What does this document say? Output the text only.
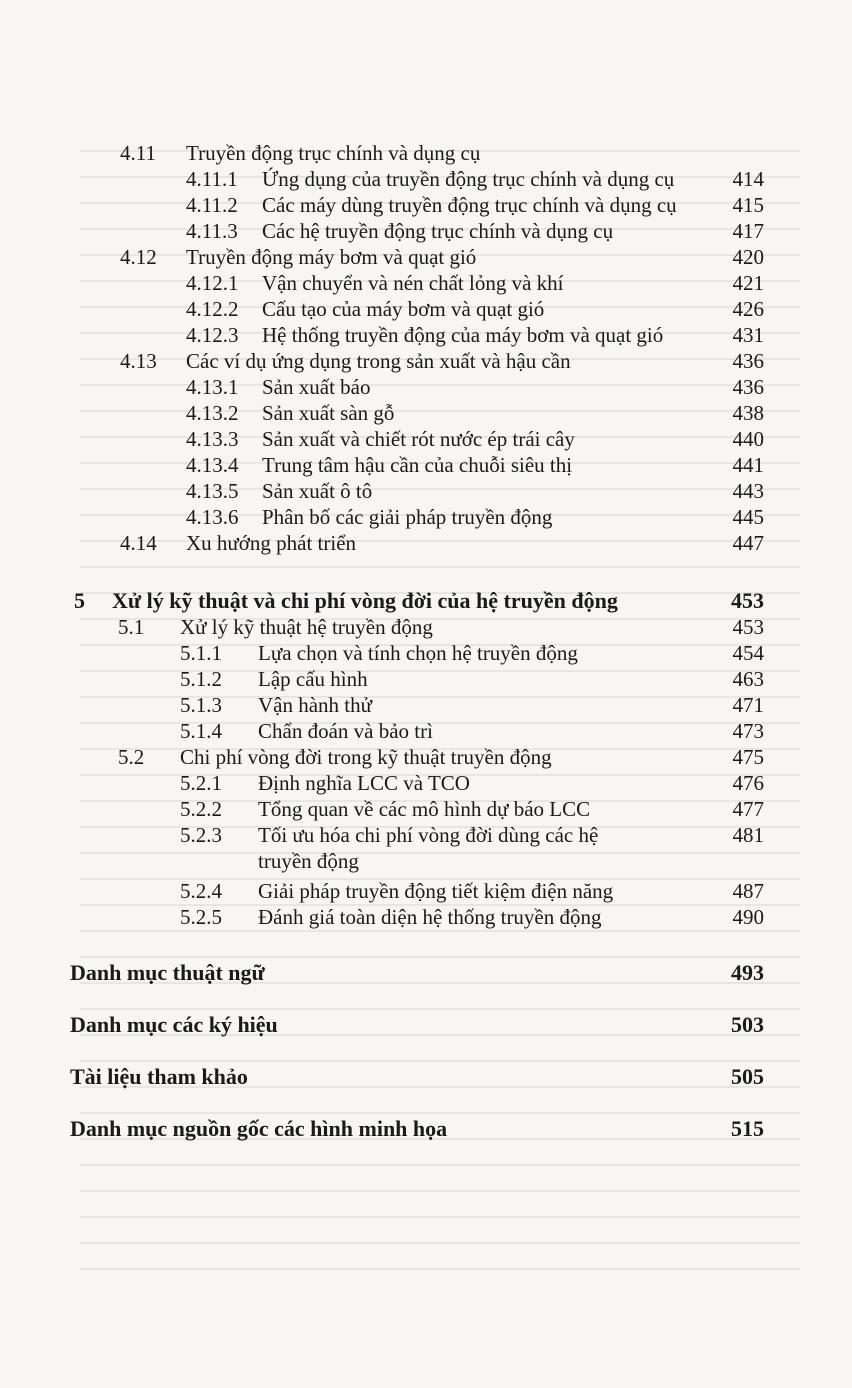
4.11 Truyền động trục chính và dụng cụ
4.11.1 Ứng dụng của truyền động trục chính và dụng cụ	414
4.11.2 Các máy dùng truyền động trục chính và dụng cụ	415
4.11.3 Các hệ truyền động trục chính và dụng cụ	417
4.12 Truyền động máy bơm và quạt gió	420
4.12.1 Vận chuyển và nén chất lỏng và khí	421
4.12.2 Cấu tạo của máy bơm và quạt gió	426
4.12.3 Hệ thống truyền động của máy bơm và quạt gió	431
4.13 Các ví dụ ứng dụng trong sản xuất và hậu cần	436
4.13.1 Sản xuất báo	436
4.13.2 Sản xuất sàn gỗ	438
4.13.3 Sản xuất và chiết rót nước ép trái cây	440
4.13.4 Trung tâm hậu cần của chuỗi siêu thị	441
4.13.5 Sản xuất ô tô	443
4.13.6 Phân bố các giải pháp truyền động	445
4.14 Xu hướng phát triển	447
5 Xử lý kỹ thuật và chi phí vòng đời của hệ truyền động	453
5.1 Xử lý kỹ thuật hệ truyền động	453
5.1.1 Lựa chọn và tính chọn hệ truyền động	454
5.1.2 Lập cấu hình	463
5.1.3 Vận hành thử	471
5.1.4 Chẩn đoán và bảo trì	473
5.2 Chi phí vòng đời trong kỹ thuật truyền động	475
5.2.1 Định nghĩa LCC và TCO	476
5.2.2 Tổng quan về các mô hình dự báo LCC	477
5.2.3 Tối ưu hóa chi phí vòng đời dùng các hệ	481
truyền động
5.2.4 Giải pháp truyền động tiết kiệm điện năng	487
5.2.5 Đánh giá toàn diện hệ thống truyền động	490
Danh mục thuật ngữ	493
Danh mục các ký hiệu	503
Tài liệu tham khảo	505
Danh mục nguồn gốc các hình minh họa	515
